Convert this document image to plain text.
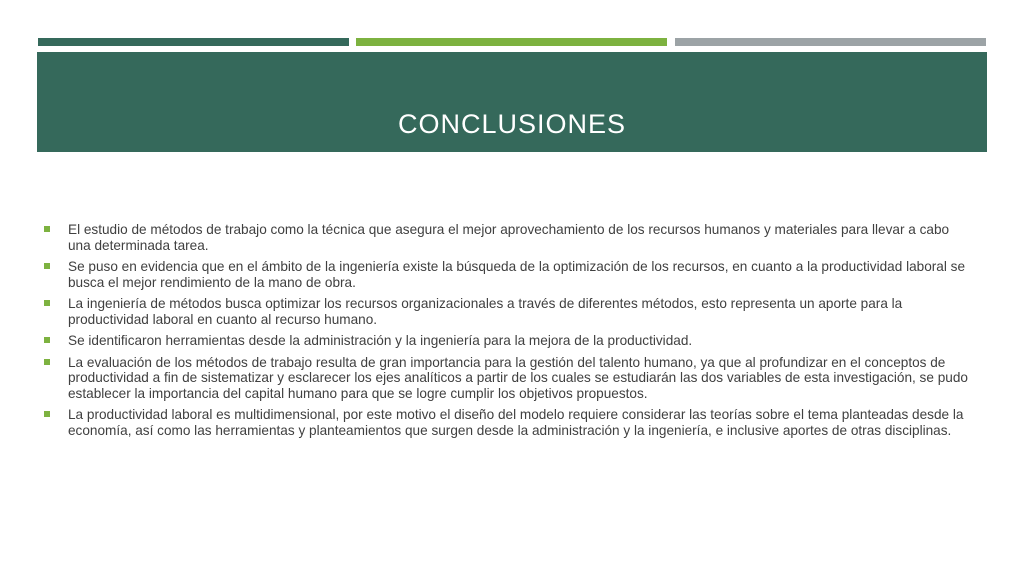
CONCLUSIONES
El estudio de métodos de trabajo como la técnica que asegura el mejor aprovechamiento de los recursos humanos y materiales para llevar a cabo una determinada tarea.
Se puso en evidencia que en el ámbito de la ingeniería existe la búsqueda de la optimización de los recursos, en cuanto a la productividad laboral se busca el mejor rendimiento de la mano de obra.
La ingeniería de métodos busca optimizar los recursos organizacionales a través de diferentes métodos, esto representa un aporte para la productividad laboral en cuanto al recurso humano.
Se identificaron herramientas desde la administración y la ingeniería para la mejora de la productividad.
La evaluación de los métodos de trabajo resulta de gran importancia para la gestión del talento humano, ya que al profundizar en el conceptos de productividad a fin de sistematizar y esclarecer los ejes analíticos a partir de los cuales se estudiarán las dos variables de esta investigación, se pudo establecer la importancia del capital humano para que se logre cumplir los objetivos propuestos.
La productividad laboral es multidimensional, por este motivo el diseño del modelo requiere considerar las teorías sobre el tema planteadas desde la economía, así como las herramientas y planteamientos que surgen desde la administración y la ingeniería, e inclusive aportes de otras disciplinas.
